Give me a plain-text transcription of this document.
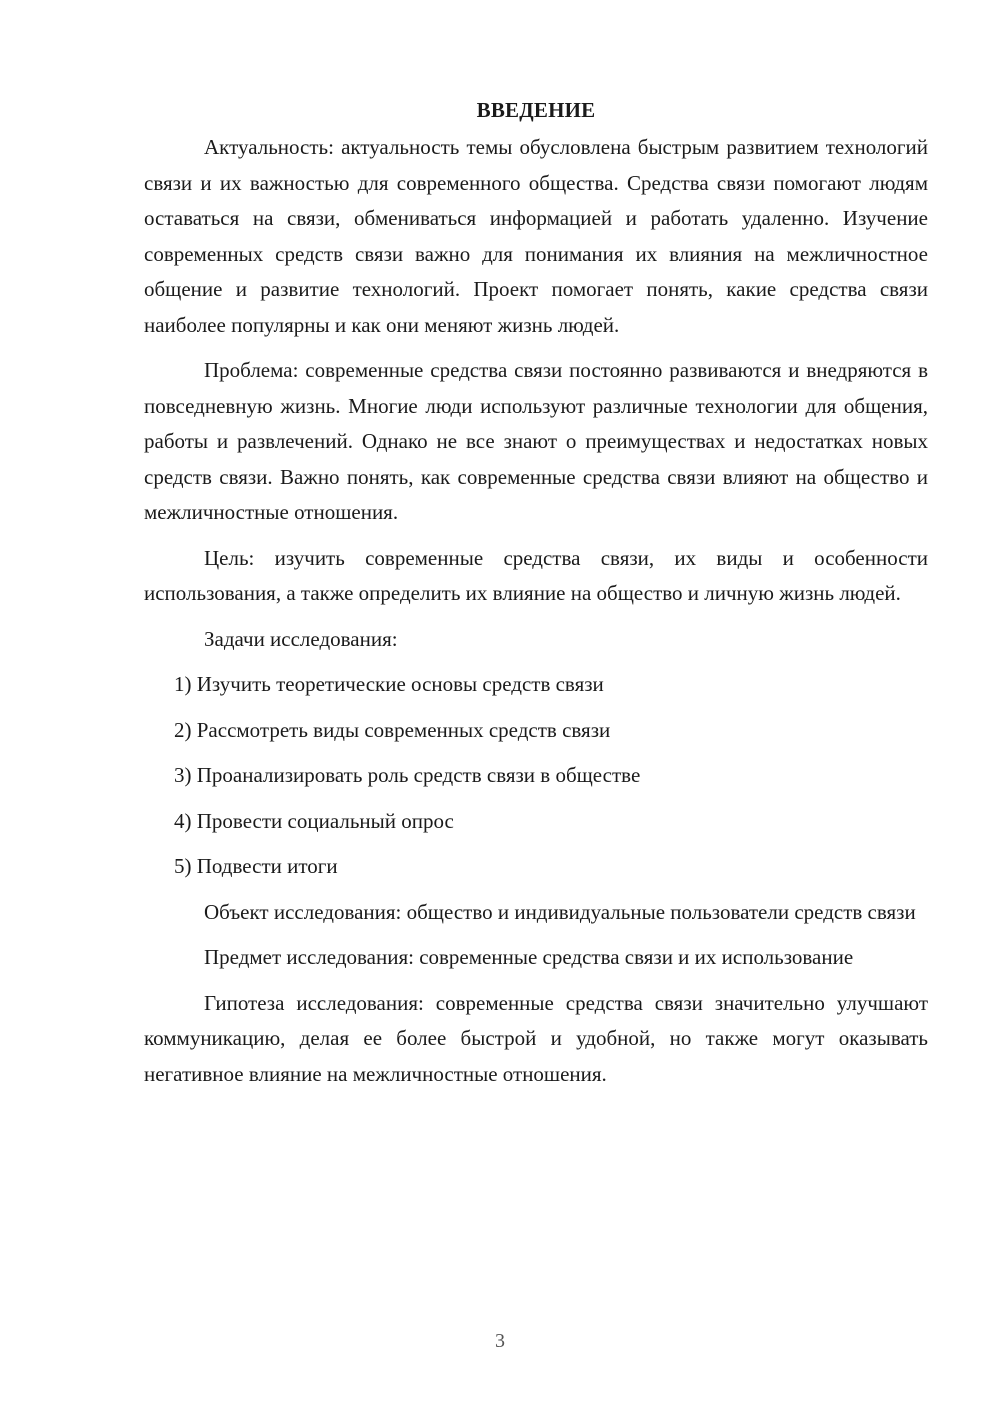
ВВЕДЕНИЕ

Актуальность: актуальность темы обусловлена быстрым развитием технологий связи и их важностью для современного общества. Средства связи помогают людям оставаться на связи, обмениваться информацией и работать удаленно. Изучение современных средств связи важно для понимания их влияния на межличностное общение и развитие технологий. Проект помогает понять, какие средства связи наиболее популярны и как они меняют жизнь людей.

Проблема: современные средства связи постоянно развиваются и внедряются в повседневную жизнь. Многие люди используют различные технологии для общения, работы и развлечений. Однако не все знают о преимуществах и недостатках новых средств связи. Важно понять, как современные средства связи влияют на общество и межличностные отношения.

Цель: изучить современные средства связи, их виды и особенности использования, а также определить их влияние на общество и личную жизнь людей.

Задачи исследования:

1) Изучить теоретические основы средств связи
2) Рассмотреть виды современных средств связи
3) Проанализировать роль средств связи в обществе
4) Провести социальный опрос
5) Подвести итоги

Объект исследования: общество и индивидуальные пользователи средств связи

Предмет исследования: современные средства связи и их использование

Гипотеза исследования: современные средства связи значительно улучшают коммуникацию, делая ее более быстрой и удобной, но также могут оказывать негативное влияние на межличностные отношения.

3
